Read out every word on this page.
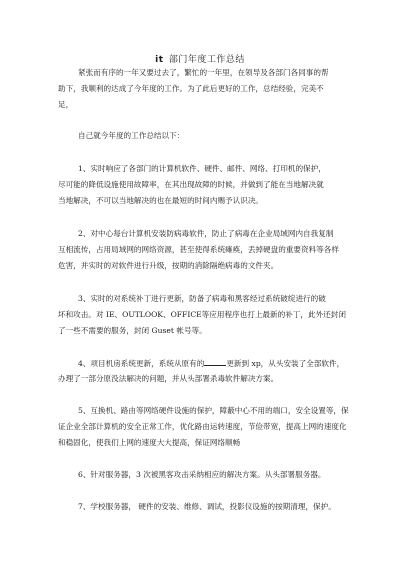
it 部门年度工作总结
紧张而有序的一年又要过去了，繁忙的一年里，在领导及各部门各同事的帮
助下，我顺利的达成了今年度的工作。为了此后更好的工作，总结经验，完美不
足，
自己就今年度的工作总结以下：
1、实时响应了各部门的计算机软件、硬件、邮件、网络、打印机的保护，
尽可能的降低设施使用故障率，在其出现故障的时候，并做到了能在当地解决就
当地解决，不可以当地解决的也在最短的时间内赐予认识决。
2、对中心每台计算机安装防病毒软件，防止了病毒在企业局域网内自我复制
互相流传，占用局域网的网络资源，甚至使得系统瘫痪，丢掉硬盘的重要资料等各样
危害，并实时的对软件进行升级，按期的消除隔绝病毒的文件夹。
3、实时的对系统补丁进行更新，防备了病毒和黑客经过系统破绽进行的破
坏和攻击。对 IE、OUTLOOK、OFFICE等应用程序也打上最新的补丁，此外还封闭
了一些不需要的服务，封闭 Guset 帐号等。
4、项目机房系统更新，系统从原有的	更新到 xp，从头安装了全部软件，
办理了一部分原没法解决的问题，并从头部署杀毒软件解决方案。
5、互换机、路由等网络硬件设施的保护，障蔽中心不用的端口，安全设置等，保
证企业全部计算机的安全正常工作，优化路由运转速度，节俭带宽，提高上网的速度化
和稳固化，使我们上网的速度大大提高，保证网络顺畅
6、针对服务器，3 次被黑客攻击采纳相应的解决方案。从头部署服务器。
7、学校服务器， 硬件的安装、维修、调试，投影仪设施的按期清理，保护。
